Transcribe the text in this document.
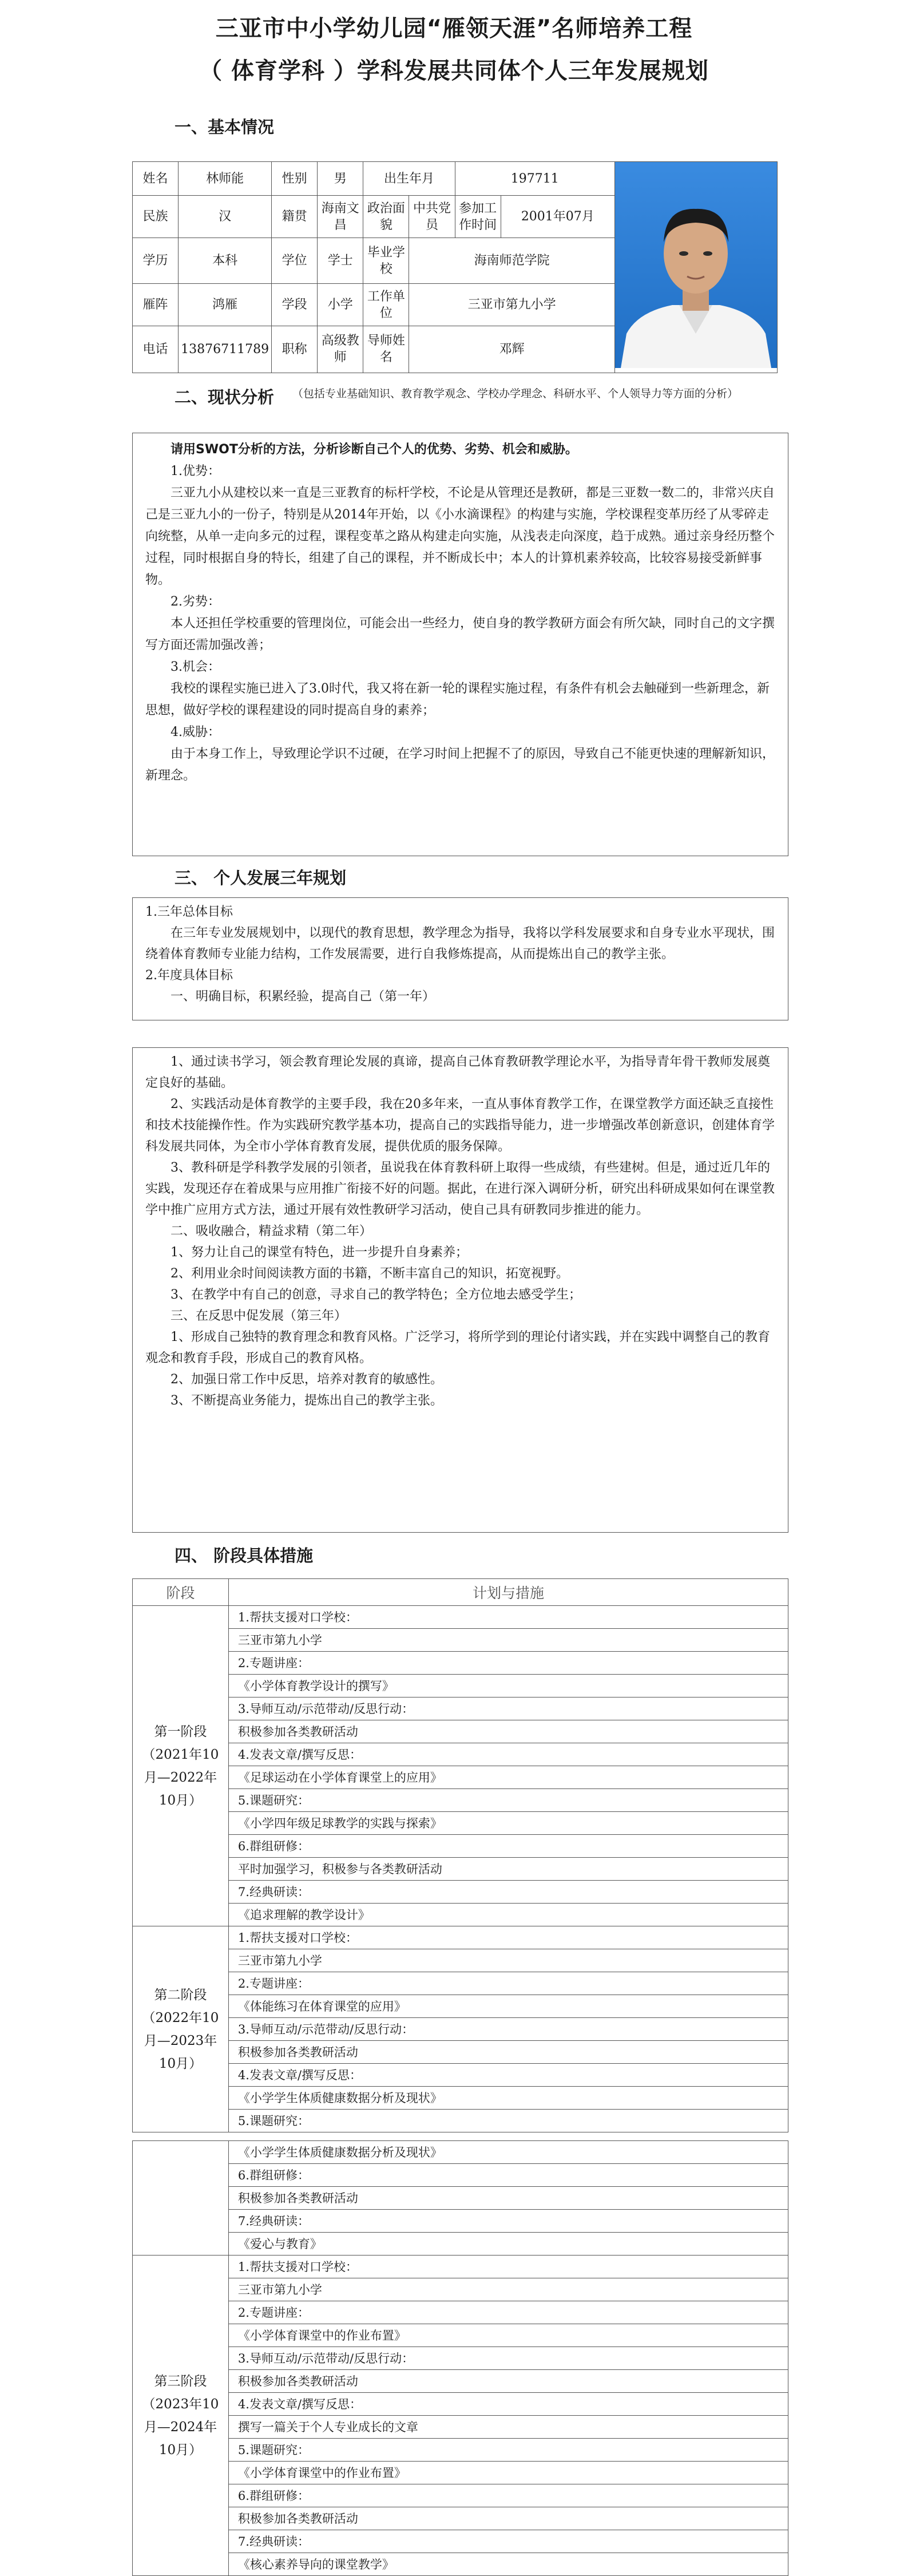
三亚市中小学幼儿园“雁领天涯”名师培养工程
（ 体育学科 ）学科发展共同体个人三年发展规划
一、基本情况
姓名	林师能	性别	男	出生年月		197711	
民族	汉	籍贯	海南文昌	政治面貌	中共党员	参加工作时间	2001年07月	
学历	本科	学位	学士	毕业学校	海南师范学院			
雁阵	鸿雁	学段	小学	工作单位	三亚市第九小学			
电话	13876711789	职称	高级教师	导师姓名	邓辉			
二、现状分析	（包括专业基础知识、教育教学观念、学校办学理念、科研水平、个人领导力等方面的分析）

请用SWOT分析的方法，分析诊断自己个人的优势、劣势、机会和威胁。

1.优势：

三亚九小从建校以来一直是三亚教育的标杆学校，不论是从管理还是教研，都是三亚数一数二的，非常兴庆自己是三亚九小的一份子，特别是从2014年开始，以《小水滴课程》的构建与实施，学校课程变革历经了从零碎走向统整，从单一走向多元的过程，课程变革之路从构建走向实施，从浅表走向深度，趋于成熟。通过亲身经历整个过程，同时根据自身的特长，组建了自己的课程，并不断成长中；本人的计算机素养较高，比较容易接受新鲜事物。

2.劣势：

本人还担任学校重要的管理岗位，可能会出一些经力，使自身的教学教研方面会有所欠缺，同时自己的文字撰写方面还需加强改善；

3.机会：

我校的课程实施已进入了3.0时代，我又将在新一轮的课程实施过程，有条件有机会去触碰到一些新理念，新思想，做好学校的课程建设的同时提高自身的素养；

4.威胁：

由于本身工作上，导致理论学识不过硬，在学习时间上把握不了的原因，导致自己不能更快速的理解新知识，新理念。

三、 个人发展三年规划

1.三年总体目标

在三年专业发展规划中，以现代的教育思想，教学理念为指导，我将以学科发展要求和自身专业水平现状，围绕着体育教师专业能力结构，工作发展需要，进行自我修炼提高，从而提炼出自己的教学主张。

2.年度具体目标

一、明确目标，积累经验，提高自己（第一年）

1、通过读书学习，领会教育理论发展的真谛，提高自己体育教研教学理论水平，为指导青年骨干教师发展奠定良好的基础。

2、实践活动是体育教学的主要手段，我在20多年来，一直从事体育教学工作，在课堂教学方面还缺乏直接性和技术技能操作性。作为实践研究教学基本功，提高自己的实践指导能力，进一步增强改革创新意识，创建体育学科发展共同体，为全市小学体育教育发展，提供优质的服务保障。

3、教科研是学科教学发展的引领者，虽说我在体育教科研上取得一些成绩，有些建树。但是，通过近几年的实践，发现还存在着成果与应用推广衔接不好的问题。据此，在进行深入调研分析，研究出科研成果如何在课堂教学中推广应用方式方法，通过开展有效性教研学习活动，使自己具有研教同步推进的能力。

二、吸收融合，精益求精（第二年）

1、努力让自己的课堂有特色，进一步提升自身素养；

2、利用业余时间阅读教方面的书籍，不断丰富自己的知识，拓宽视野。

3、在教学中有自己的创意，寻求自己的教学特色；全方位地去感受学生；

三、在反思中促发展（第三年）

1、形成自己独特的教育理念和教育风格。广泛学习，将所学到的理论付诸实践，并在实践中调整自己的教育观念和教育手段，形成自己的教育风格。

2、加强日常工作中反思，培养对教育的敏感性。

3、不断提高业务能力，提炼出自己的教学主张。

四、 阶段具体措施
阶段	计划与措施
第一阶段（2021年10月—2022年10月）	1.帮扶支援对口学校：
	三亚市第九小学
	2.专题讲座：
	《小学体育教学设计的撰写》
	3.导师互动/示范带动/反思行动：
	积极参加各类教研活动
	4.发表文章/撰写反思：
	《足球运动在小学体育课堂上的应用》
	5.课题研究：
	《小学四年级足球教学的实践与探索》
	6.群组研修：
	平时加强学习，积极参与各类教研活动
	7.经典研读：
	《追求理解的教学设计》
第二阶段（2022年10月—2023年10月）	1.帮扶支援对口学校：
	三亚市第九小学
	2.专题讲座：
	《体能练习在体育课堂的应用》
	3.导师互动/示范带动/反思行动：
	积极参加各类教研活动
	4.发表文章/撰写反思：
	《小学学生体质健康数据分析及现状》
	5.课题研究：
	《小学学生体质健康数据分析及现状》
	6.群组研修：
	积极参加各类教研活动
	7.经典研读：
	《爱心与教育》
第三阶段（2023年10月—2024年10月）	1.帮扶支援对口学校：
	三亚市第九小学
	2.专题讲座：
	《小学体育课堂中的作业布置》
	3.导师互动/示范带动/反思行动：
	积极参加各类教研活动
	4.发表文章/撰写反思：
	撰写一篇关于个人专业成长的文章
	5.课题研究：
	《小学体育课堂中的作业布置》
	6.群组研修：
	积极参加各类教研活动
	7.经典研读：
	《核心素养导向的课堂教学》
